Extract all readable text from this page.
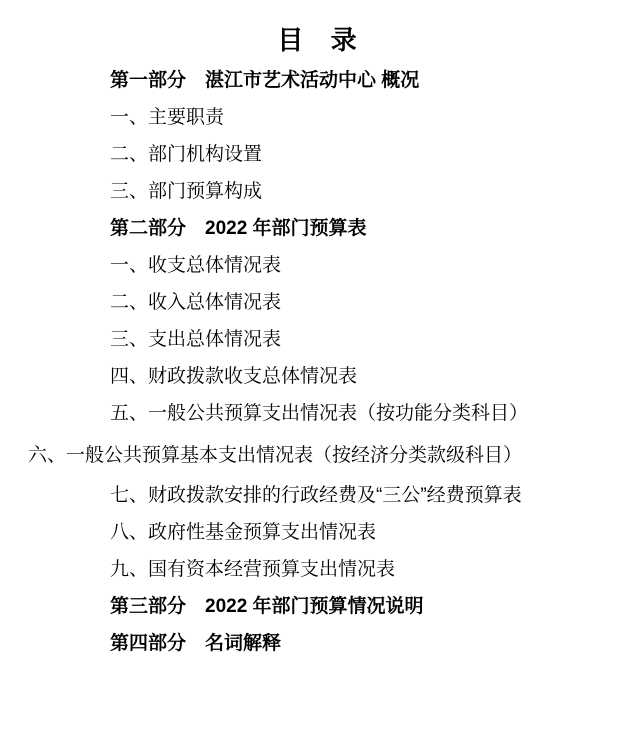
目 录
第一部分　湛江市艺术活动中心 概况
一、主要职责
二、部门机构设置
三、部门预算构成
第二部分　2022 年部门预算表
一、收支总体情况表
二、收入总体情况表
三、支出总体情况表
四、财政拨款收支总体情况表
五、一般公共预算支出情况表（按功能分类科目）
六、一般公共预算基本支出情况表（按经济分类款级科目）
七、财政拨款安排的行政经费及“三公”经费预算表
八、政府性基金预算支出情况表
九、国有资本经营预算支出情况表
第三部分　2022 年部门预算情况说明
第四部分　名词解释
